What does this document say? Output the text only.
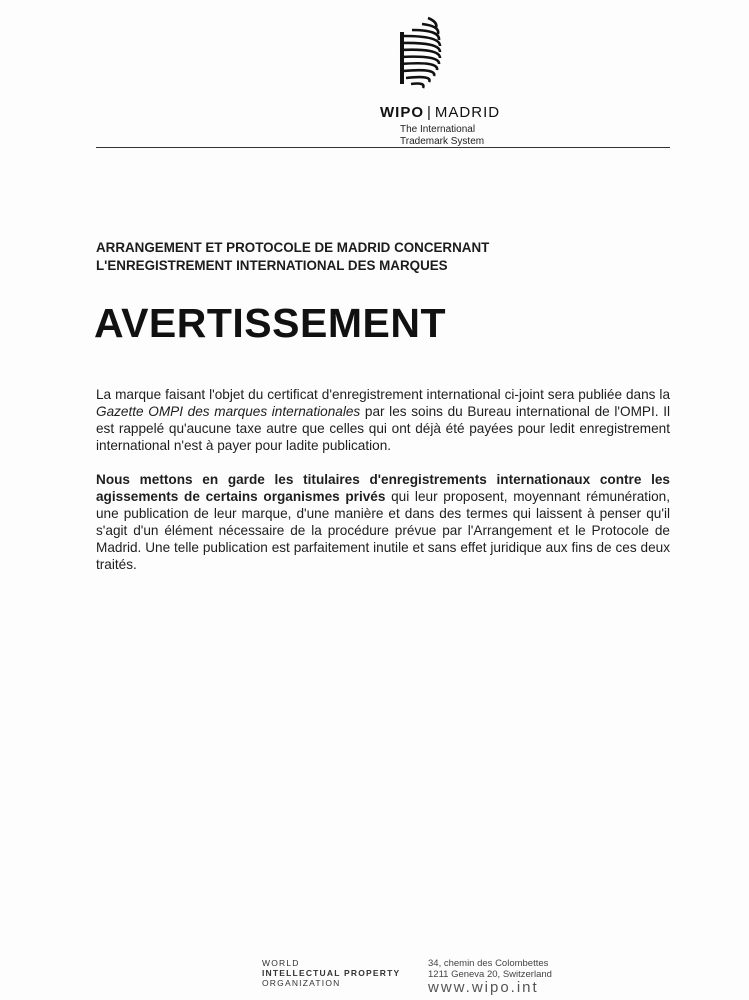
WIPO | MADRID
The International
Trademark System
ARRANGEMENT ET PROTOCOLE DE MADRID CONCERNANT
L'ENREGISTREMENT INTERNATIONAL DES MARQUES
AVERTISSEMENT
La marque faisant l'objet du certificat d'enregistrement international ci-joint sera publiée dans la Gazette OMPI des marques internationales par les soins du Bureau international de l'OMPI. Il est rappelé qu'aucune taxe autre que celles qui ont déjà été payées pour ledit enregistrement international n'est à payer pour ladite publication.
Nous mettons en garde les titulaires d'enregistrements internationaux contre les agissements de certains organismes privés qui leur proposent, moyennant rémunération, une publication de leur marque, d'une manière et dans des termes qui laissent à penser qu'il s'agit d'un élément nécessaire de la procédure prévue par l'Arrangement et le Protocole de Madrid. Une telle publication est parfaitement inutile et sans effet juridique aux fins de ces deux traités.
WORLD
INTELLECTUAL PROPERTY
ORGANIZATION
34, chemin des Colombettes
1211 Geneva 20, Switzerland
www.wipo.int
